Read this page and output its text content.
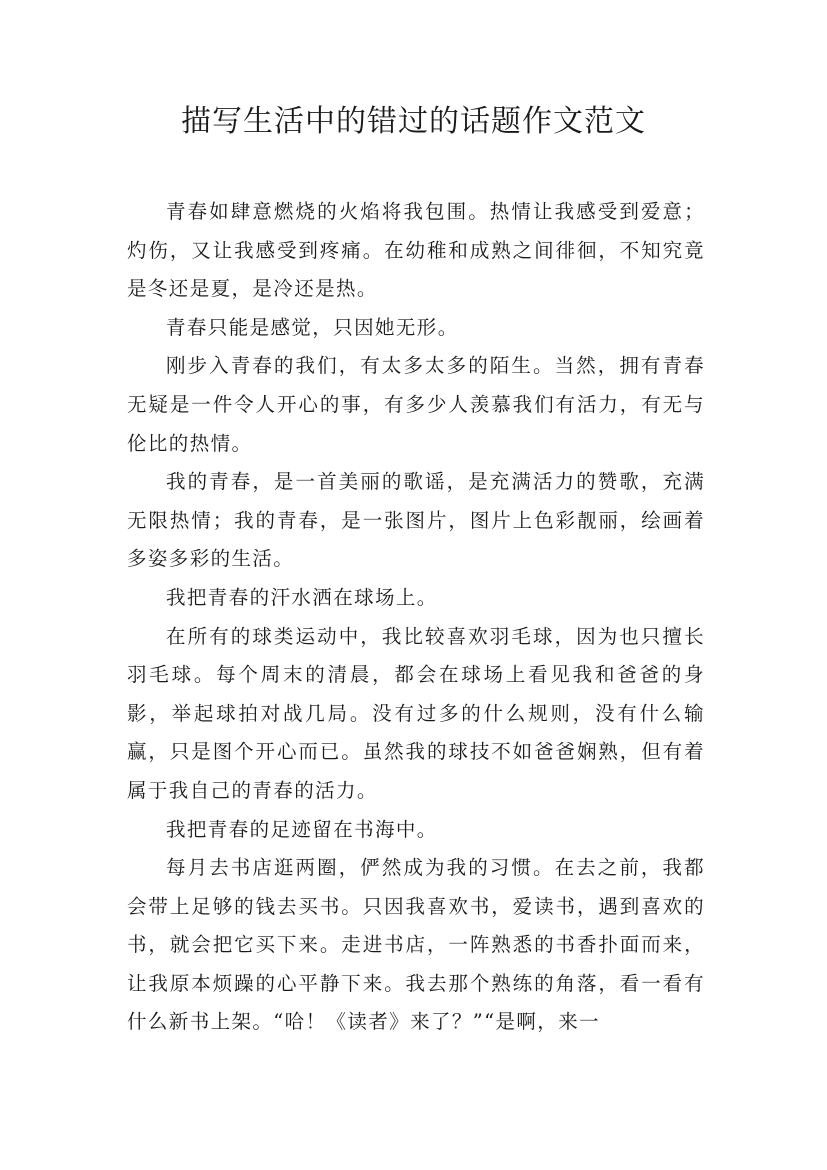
描写生活中的错过的话题作文范文

青春如肆意燃烧的火焰将我包围。热情让我感受到爱意；灼伤，又让我感受到疼痛。在幼稚和成熟之间徘徊，不知究竟是冬还是夏，是冷还是热。

青春只能是感觉，只因她无形。

刚步入青春的我们，有太多太多的陌生。当然，拥有青春无疑是一件令人开心的事，有多少人羡慕我们有活力，有无与伦比的热情。

我的青春，是一首美丽的歌谣，是充满活力的赞歌，充满无限热情；我的青春，是一张图片，图片上色彩靓丽，绘画着多姿多彩的生活。

我把青春的汗水洒在球场上。

在所有的球类运动中，我比较喜欢羽毛球，因为也只擅长羽毛球。每个周末的清晨，都会在球场上看见我和爸爸的身影，举起球拍对战几局。没有过多的什么规则，没有什么输赢，只是图个开心而已。虽然我的球技不如爸爸娴熟，但有着属于我自己的青春的活力。

我把青春的足迹留在书海中。

每月去书店逛两圈，俨然成为我的习惯。在去之前，我都会带上足够的钱去买书。只因我喜欢书，爱读书，遇到喜欢的书，就会把它买下来。走进书店，一阵熟悉的书香扑面而来，让我原本烦躁的心平静下来。我去那个熟练的角落，看一看有什么新书上架。“哈！《读者》来了？”“是啊，来一
